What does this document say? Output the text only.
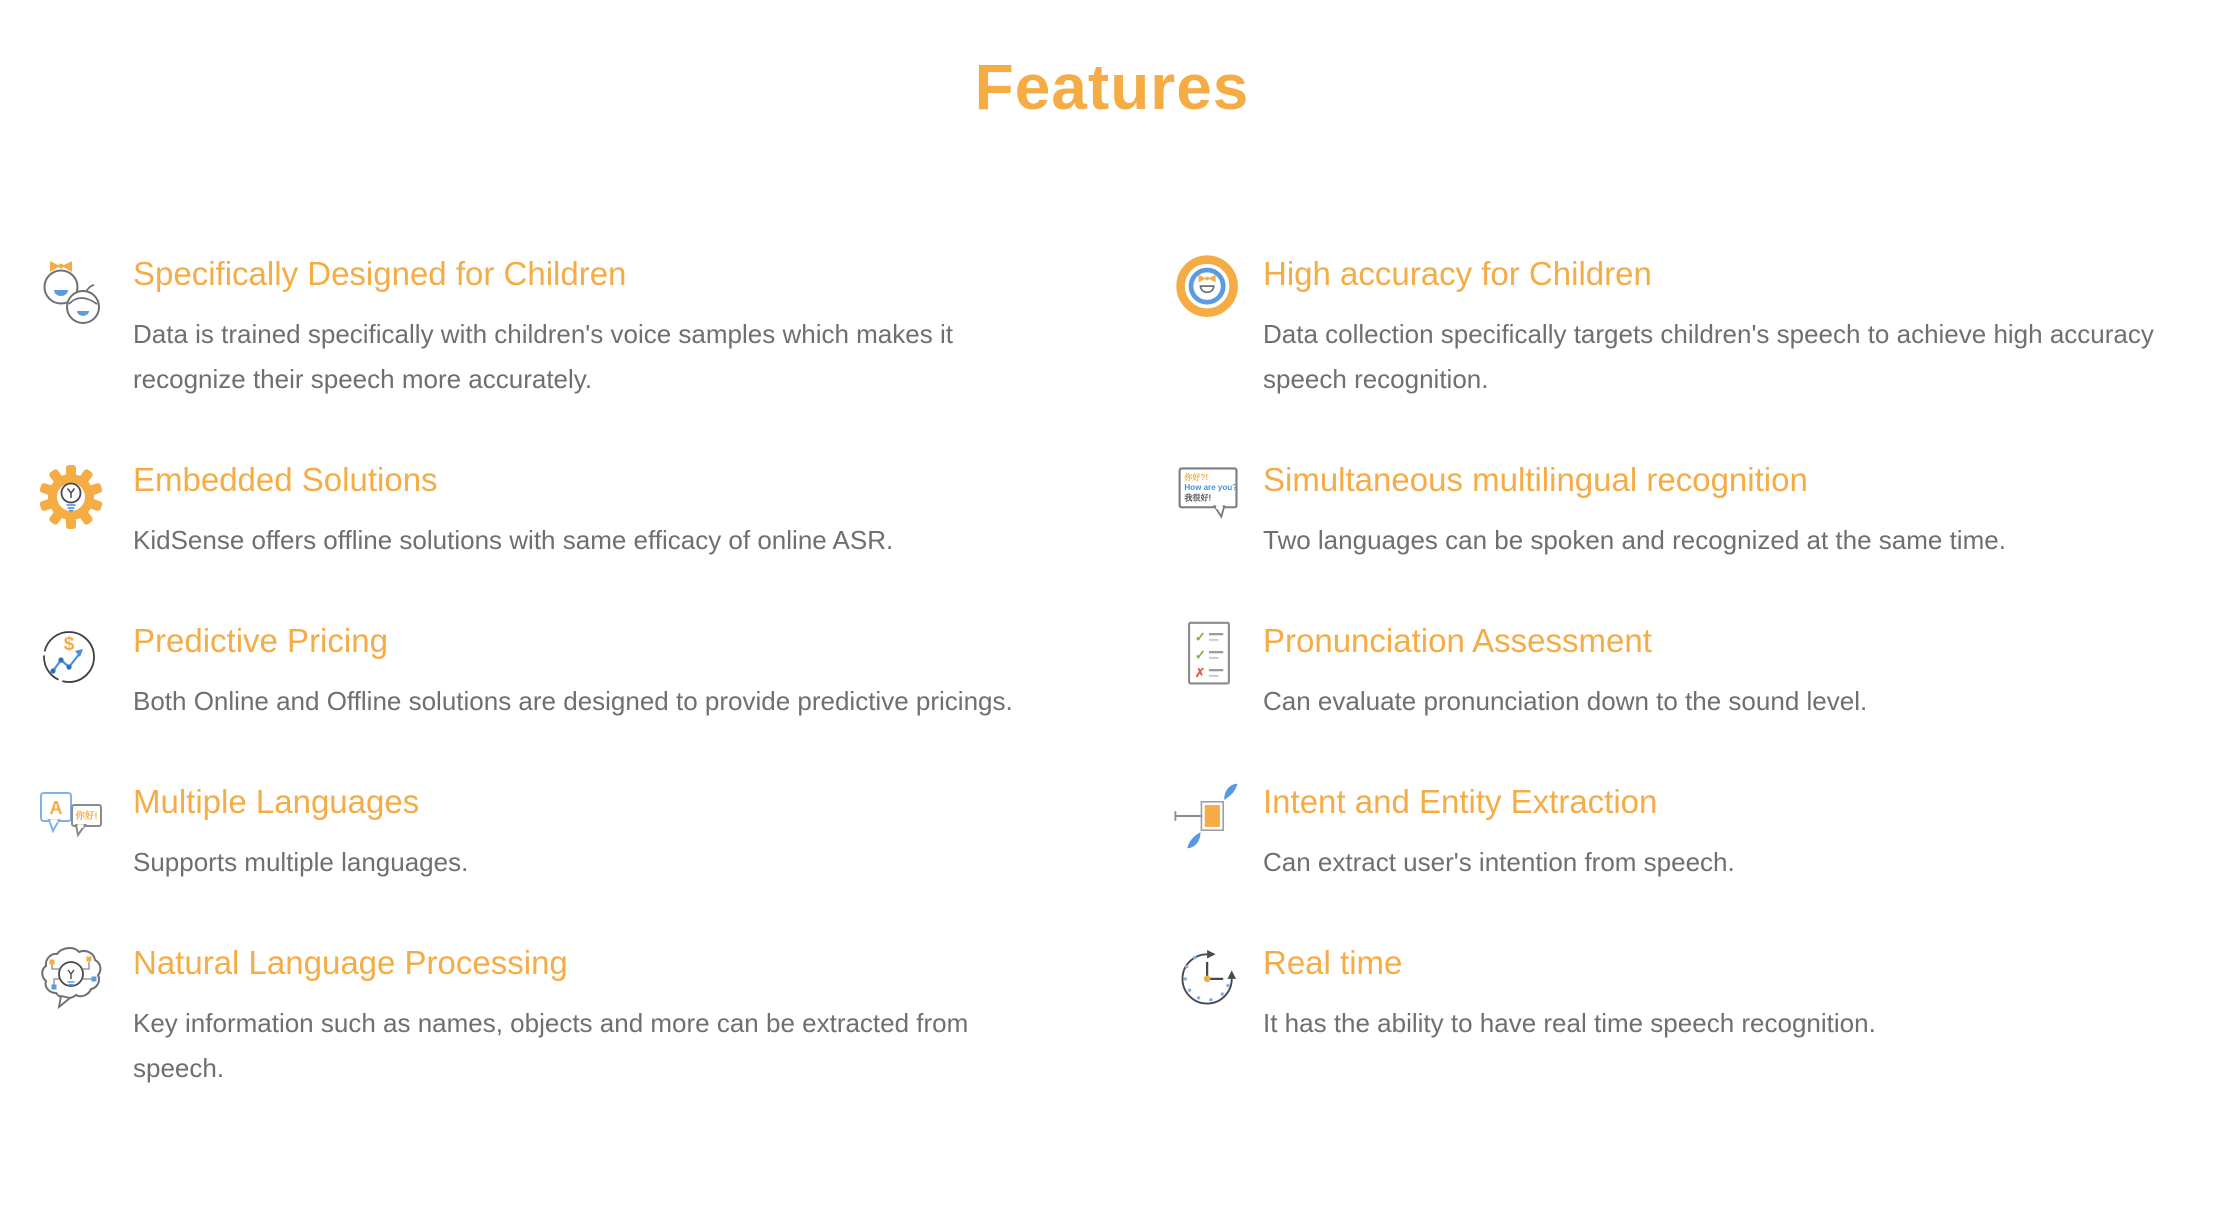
Features
Specifically Designed for Children
Data is trained specifically with children's voice samples which makes it recognize their speech more accurately.
Embedded Solutions
KidSense offers offline solutions with same efficacy of online ASR.
$ Predictive Pricing
Both Online and Offline solutions are designed to provide predictive pricings.
A 你好! Multiple Languages
Supports multiple languages.
Natural Language Processing
Key information such as names, objects and more can be extracted from speech.
High accuracy for Children
Data collection specifically targets children's speech to achieve high accuracy speech recognition.
你好?!
How are you?
我很好!
Simultaneous multilingual recognition
Two languages can be spoken and recognized at the same time.
✓
✓
✗
Pronunciation Assessment
Can evaluate pronunciation down to the sound level.
Intent and Entity Extraction
Can extract user's intention from speech.
Real time
It has the ability to have real time speech recognition.
